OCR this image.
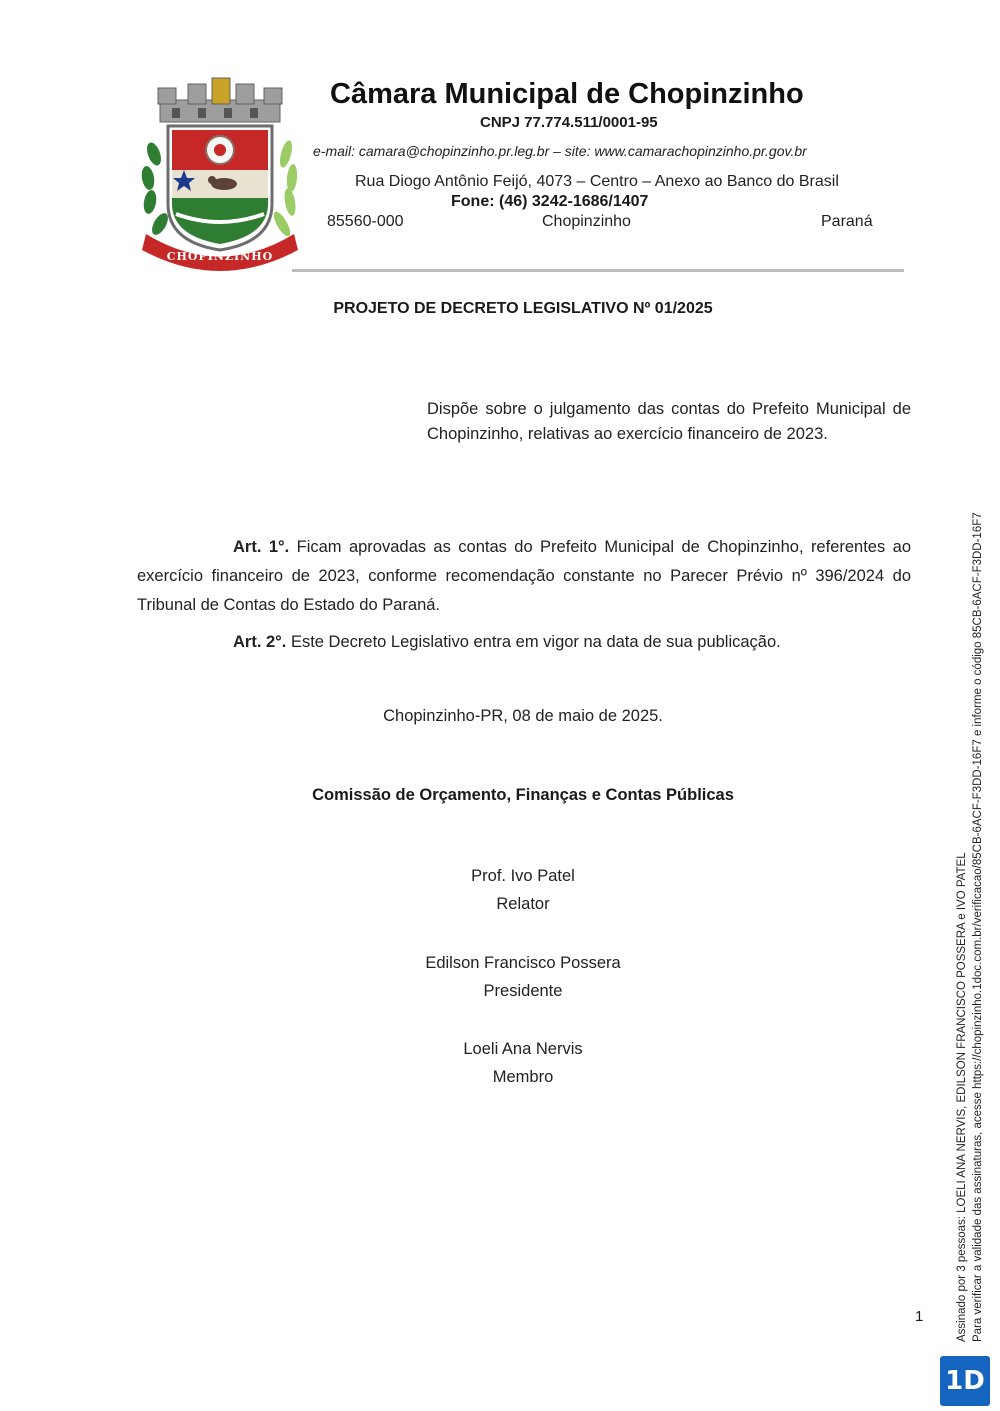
CHOPINZINHO
Câmara Municipal de Chopinzinho
CNPJ 77.774.511/0001-95
e-mail: camara@chopinzinho.pr.leg.br – site: www.camarachopinzinho.pr.gov.br
Rua Diogo Antônio Feijó, 4073 – Centro – Anexo ao Banco do Brasil
Fone: (46) 3242-1686/1407
85560-000	Chopinzinho	Paraná
PROJETO DE DECRETO LEGISLATIVO Nº 01/2025
Dispõe sobre o julgamento das contas do Prefeito Municipal de Chopinzinho, relativas ao exercício financeiro de 2023.
Art. 1°. Ficam aprovadas as contas do Prefeito Municipal de Chopinzinho, referentes ao exercício financeiro de 2023, conforme recomendação constante no Parecer Prévio nº 396/2024 do Tribunal de Contas do Estado do Paraná.
Art. 2°. Este Decreto Legislativo entra em vigor na data de sua publicação.
Chopinzinho-PR, 08 de maio de 2025.
Comissão de Orçamento, Finanças e Contas Públicas
Prof. Ivo Patel
Relator
Edilson Francisco Possera
Presidente
Loeli Ana Nervis
Membro
1	Assinado por 3 pessoas: LOELI ANA NERVIS, EDILSON FRANCISCO POSSERA e IVO PATEL Para verificar a validade das assinaturas, acesse https://chopinzinho.1doc.com.br/verificacao/85CB-6ACF-F3DD-16F7 e informe o código 85CB-6ACF-F3DD-16F7
1D
